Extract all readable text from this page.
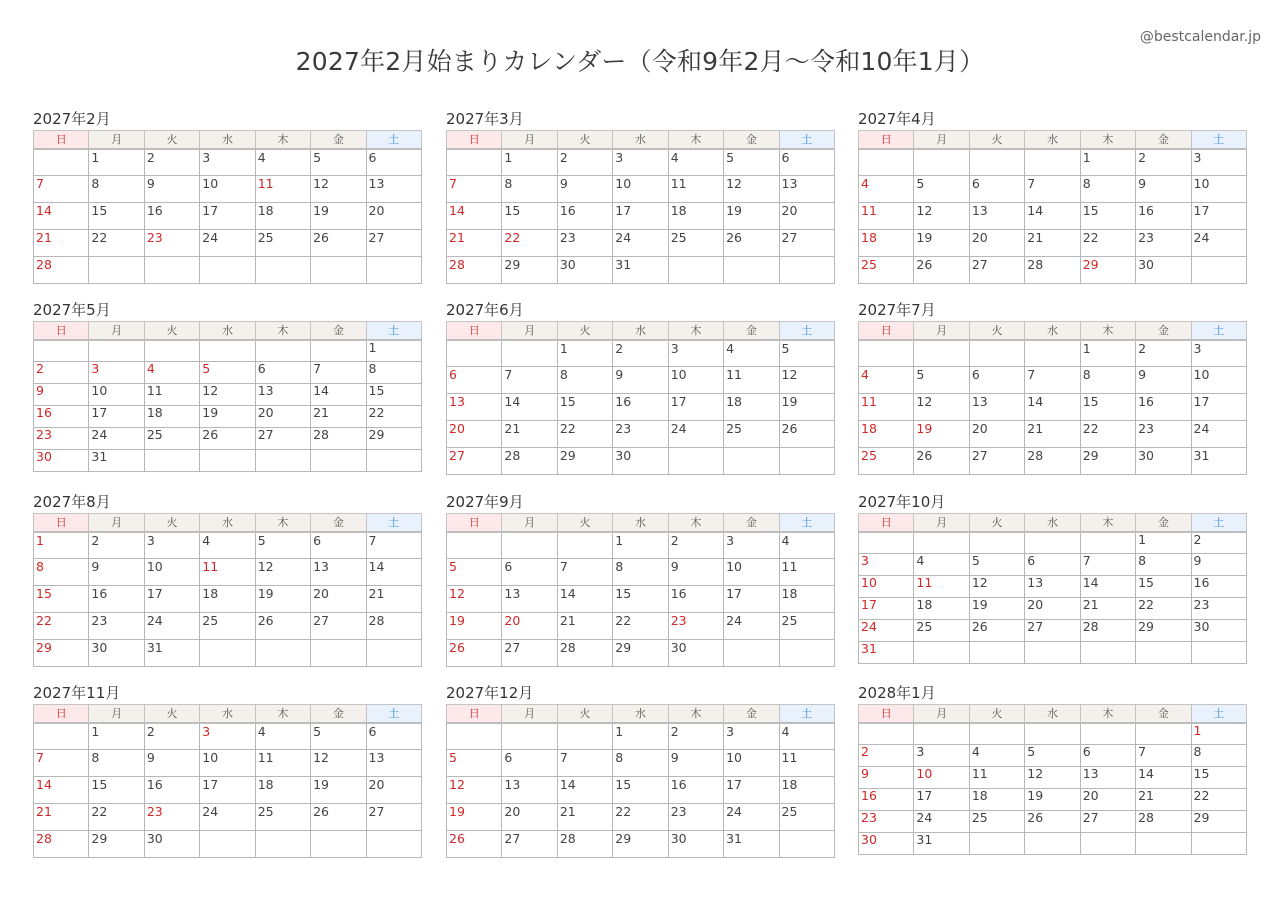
2027年2月始まりカレンダー（令和9年2月〜令和10年1月）
@bestcalendar.jp
2027年2月
日	月	火	水	木	金	土
	1	2	3	4	5	6
7	8	9	10	11	12	13
14	15	16	17	18	19	20
21	22	23	24	25	26	27
28						
2027年3月
日	月	火	水	木	金	土
	1	2	3	4	5	6
7	8	9	10	11	12	13
14	15	16	17	18	19	20
21	22	23	24	25	26	27
28	29	30	31			
2027年4月
日	月	火	水	木	金	土
				1	2	3
4	5	6	7	8	9	10
11	12	13	14	15	16	17
18	19	20	21	22	23	24
25	26	27	28	29	30	
2027年5月
日	月	火	水	木	金	土
						1
2	3	4	5	6	7	8
9	10	11	12	13	14	15
16	17	18	19	20	21	22
23	24	25	26	27	28	29
30	31					
2027年6月
日	月	火	水	木	金	土
		1	2	3	4	5
6	7	8	9	10	11	12
13	14	15	16	17	18	19
20	21	22	23	24	25	26
27	28	29	30			
2027年7月
日	月	火	水	木	金	土
				1	2	3
4	5	6	7	8	9	10
11	12	13	14	15	16	17
18	19	20	21	22	23	24
25	26	27	28	29	30	31
2027年8月
日	月	火	水	木	金	土
1	2	3	4	5	6	7
8	9	10	11	12	13	14
15	16	17	18	19	20	21
22	23	24	25	26	27	28
29	30	31				
2027年9月
日	月	火	水	木	金	土
			1	2	3	4
5	6	7	8	9	10	11
12	13	14	15	16	17	18
19	20	21	22	23	24	25
26	27	28	29	30		
2027年10月
日	月	火	水	木	金	土
					1	2
3	4	5	6	7	8	9
10	11	12	13	14	15	16
17	18	19	20	21	22	23
24	25	26	27	28	29	30
31						
2027年11月
日	月	火	水	木	金	土
	1	2	3	4	5	6
7	8	9	10	11	12	13
14	15	16	17	18	19	20
21	22	23	24	25	26	27
28	29	30				
2027年12月
日	月	火	水	木	金	土
			1	2	3	4
5	6	7	8	9	10	11
12	13	14	15	16	17	18
19	20	21	22	23	24	25
26	27	28	29	30	31	
2028年1月
日	月	火	水	木	金	土
						1
2	3	4	5	6	7	8
9	10	11	12	13	14	15
16	17	18	19	20	21	22
23	24	25	26	27	28	29
30	31					
